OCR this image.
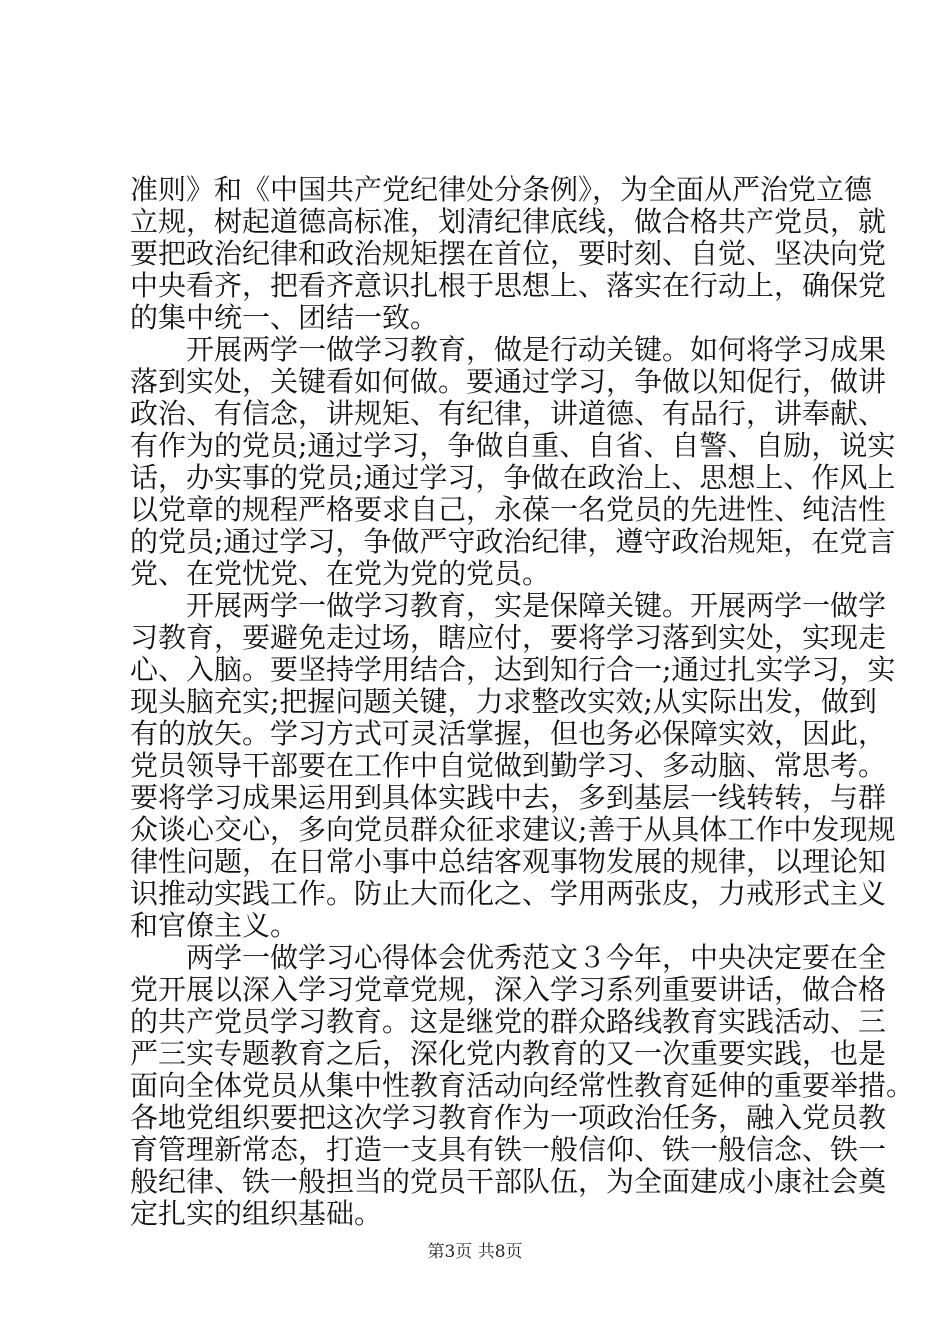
准则》和《中国共产党纪律处分条例》，为全面从严治党立德
立规，树起道德高标准，划清纪律底线，做合格共产党员，就
要把政治纪律和政治规矩摆在首位，要时刻、自觉、坚决向党
中央看齐，把看齐意识扎根于思想上、落实在行动上，确保党
的集中统一、团结一致。
　　开展两学一做学习教育，做是行动关键。如何将学习成果
落到实处，关键看如何做。要通过学习，争做以知促行，做讲
政治、有信念，讲规矩、有纪律，讲道德、有品行，讲奉献、
有作为的党员;通过学习，争做自重、自省、自警、自励，说实
话，办实事的党员;通过学习，争做在政治上、思想上、作风上
以党章的规程严格要求自己，永葆一名党员的先进性、纯洁性
的党员;通过学习，争做严守政治纪律，遵守政治规矩，在党言
党、在党忧党、在党为党的党员。
　　开展两学一做学习教育，实是保障关键。开展两学一做学
习教育，要避免走过场，瞎应付，要将学习落到实处，实现走
心、入脑。要坚持学用结合，达到知行合一;通过扎实学习，实
现头脑充实;把握问题关键，力求整改实效;从实际出发，做到
有的放矢。学习方式可灵活掌握，但也务必保障实效，因此，
党员领导干部要在工作中自觉做到勤学习、多动脑、常思考。
要将学习成果运用到具体实践中去，多到基层一线转转，与群
众谈心交心，多向党员群众征求建议;善于从具体工作中发现规
律性问题，在日常小事中总结客观事物发展的规律，以理论知
识推动实践工作。防止大而化之、学用两张皮，力戒形式主义
和官僚主义。
　　两学一做学习心得体会优秀范文３今年，中央决定要在全
党开展以深入学习党章党规，深入学习系列重要讲话，做合格
的共产党员学习教育。这是继党的群众路线教育实践活动、三
严三实专题教育之后，深化党内教育的又一次重要实践，也是
面向全体党员从集中性教育活动向经常性教育延伸的重要举措。
各地党组织要把这次学习教育作为一项政治任务，融入党员教
育管理新常态，打造一支具有铁一般信仰、铁一般信念、铁一
般纪律、铁一般担当的党员干部队伍，为全面建成小康社会奠
定扎实的组织基础。
第3页 共8页
